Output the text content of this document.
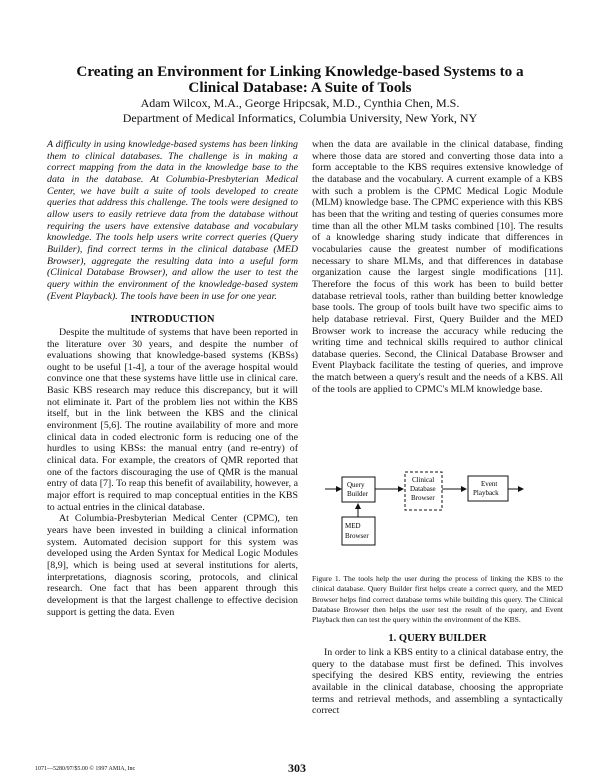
Creating an Environment for Linking Knowledge-based Systems to a
Clinical Database: A Suite of Tools
Adam Wilcox, M.A., George Hripcsak, M.D., Cynthia Chen, M.S.
Department of Medical Informatics, Columbia University, New York, NY

A difficulty in using knowledge-based systems has been linking them to clinical databases. The challenge is in making a correct mapping from the data in the knowledge base to the data in the database. At Columbia-Presbyterian Medical Center, we have built a suite of tools developed to create queries that address this challenge. The tools were designed to allow users to easily retrieve data from the database without requiring the users have extensive database and vocabulary knowledge. The tools help users write correct queries (Query Builder), find correct terms in the clinical database (MED Browser), aggregate the resulting data into a useful form (Clinical Database Browser), and allow the user to test the query within the environment of the knowledge-based system (Event Playback). The tools have been in use for one year.

INTRODUCTION

Despite the multitude of systems that have been reported in the literature over 30 years, and despite the number of evaluations showing that knowledge-based systems (KBSs) ought to be useful [1-4], a tour of the average hospital would convince one that these systems have little use in clinical care. Basic KBS research may reduce this discrepancy, but it will not eliminate it. Part of the problem lies not within the KBS itself, but in the link between the KBS and the clinical environment [5,6]. The routine availability of more and more clinical data in coded electronic form is reducing one of the hurdles to using KBSs: the manual entry (and re-entry) of clinical data. For example, the creators of QMR reported that one of the factors discouraging the use of QMR is the manual entry of data [7]. To reap this benefit of availability, however, a major effort is required to map conceptual entities in the KBS to actual entries in the clinical database.

At Columbia-Presbyterian Medical Center (CPMC), ten years have been invested in building a clinical information system. Automated decision support for this system was developed using the Arden Syntax for Medical Logic Modules [8,9], which is being used at several institutions for alerts, interpretations, diagnosis scoring, protocols, and clinical research. One fact that has been apparent through this development is that the largest challenge to effective decision support is getting the data. Even

when the data are available in the clinical database, finding where those data are stored and converting those data into a form acceptable to the KBS requires extensive knowledge of the database and the vocabulary. A current example of a KBS with such a problem is the CPMC Medical Logic Module (MLM) knowledge base. The CPMC experience with this KBS has been that the writing and testing of queries consumes more time than all the other MLM tasks combined [10]. The results of a knowledge sharing study indicate that differences in vocabularies cause the greatest number of modifications necessary to share MLMs, and that differences in database organization cause the largest single modifications [11]. Therefore the focus of this work has been to build better database retrieval tools, rather than building better knowledge base tools. The group of tools built have two specific aims to help database retrieval. First, Query Builder and the MED Browser work to increase the accuracy while reducing the writing time and technical skills required to author clinical database queries. Second, the Clinical Database Browser and Event Playback facilitate the testing of queries, and improve the match between a query's result and the needs of a KBS. All of the tools are applied to CPMC's MLM knowledge base.

Query
Builder
Clinical
Database
Browser
Event
Playback
MED
Browser

Figure 1. The tools help the user during the process of linking the KBS to the clinical database. Query Builder first helps create a correct query, and the MED Browser helps find correct database terms while building this query. The Clinical Database Browser then helps the user test the result of the query, and Event Playback then can test the query within the environment of the KBS.

1. QUERY BUILDER

In order to link a KBS entity to a clinical database entry, the query to the database must first be defined. This involves specifying the desired KBS entity, reviewing the entries available in the clinical database, choosing the appropriate terms and retrieval methods, and assembling a syntactically correct

1071—5280/97/$5.00 © 1997 AMIA, Inc	303
